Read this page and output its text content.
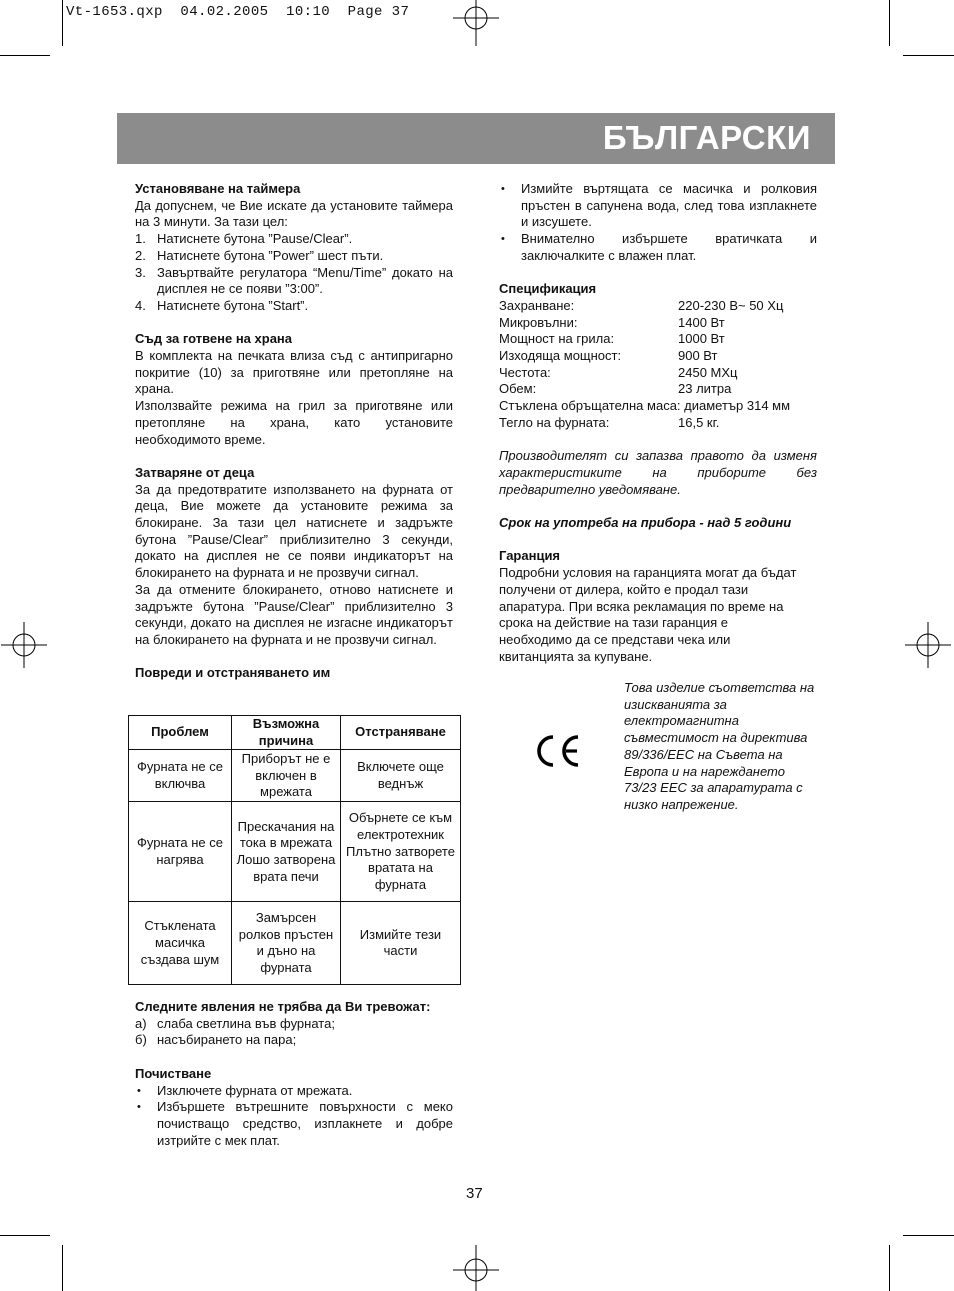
Vt-1653.qxp  04.02.2005  10:10  Page 37
БЪЛГАРСКИ
Установяване на таймера
Да допуснем, че Вие искате да установите таймера на 3 минути. За тази цел:
1. Натиснете бутона ”Pause/Clear”.
2. Натиснете бутона ”Power” шест пъти.
3. Завъртвайте регулатора “Menu/Time” докато на дисплея не се появи ”3:00”.
4. Натиснете бутона ”Start”.
Съд за готвене на храна
В комплекта на печката влиза съд с антипригарно покритие (10) за приготвяне или претопляне на храна.
Използвайте режима на грил за приготвяне или претопляне на храна, като установите необходимото време.
Затваряне от деца
За да предотвратите използването на фурната от деца, Вие можете да установите режима за блокиране. За тази цел натиснете и задръжте бутона ”Pause/Clear” приблизително 3 секунди, докато на дисплея не се появи индикаторът на блокирането на фурната и не прозвучи сигнал.
За да отмените блокирането, отново натиснете и задръжте бутона ”Pause/Clear” приблизително 3 секунди, докато на дисплея не изгасне индикаторът на блокирането на фурната и не прозвучи сигнал.
Повреди и отстраняването им
Проблем	Възможна причина	Отстраняване
Фурната не се включва	Приборът не е включен в мрежата	Включете още веднъж
Фурната не се нагрява	Прескачания на тока в мрежата Лошо затворена врата печи	Обърнете се към електротехник Плътно затворете вратата на фурната
Стъклената масичка създава шум	Замърсен ролков пръстен и дъно на фурната	Измийте тези части
Следните явления не трябва да Ви тревожат:
а) слаба светлина във фурната;
б) насъбирането на пара;
Почистване
• Изключете фурната от мрежата.
• Избършете вътрешните повърхности с меко почистващо средство, изплакнете и добре изтрийте с мек плат.
• Измийте въртящата се масичка и ролковия пръстен в сапунена вода, след това изплакнете и изсушете.
• Внимателно избършете вратичката и заключалките с влажен плат.
Спецификация
Захранване:	220-230 В~ 50 Хц
Микровълни:	1400 Вт
Мощност на грила:	1000 Вт
Изходяща мощност:	900 Вт
Честота:	2450 МХц
Обем:	23 литра
Стъклена обръщателна маса: диаметър 314 мм
Тегло на фурната:	16,5 кг.
Производителят си запазва правото да изменя характеристиките на приборите без предварително уведомяване.
Срок на употреба на прибора - над 5 години
Гаранция
Подробни условия на гаранцията могат да бъдат
получени от дилера, който е продал тази
апаратура. При всяка рекламация по време на
срока на действие на тази гаранция е
необходимо да се представи чека или
квитанцията за купуване.
Това изделие съответства на
изискванията за
електромагнитна
съвместимост на директива
89/336/EEC на Съвета на
Европа и на нареждането
73/23 EEC за апаратурата с
низко напрежение.
37
